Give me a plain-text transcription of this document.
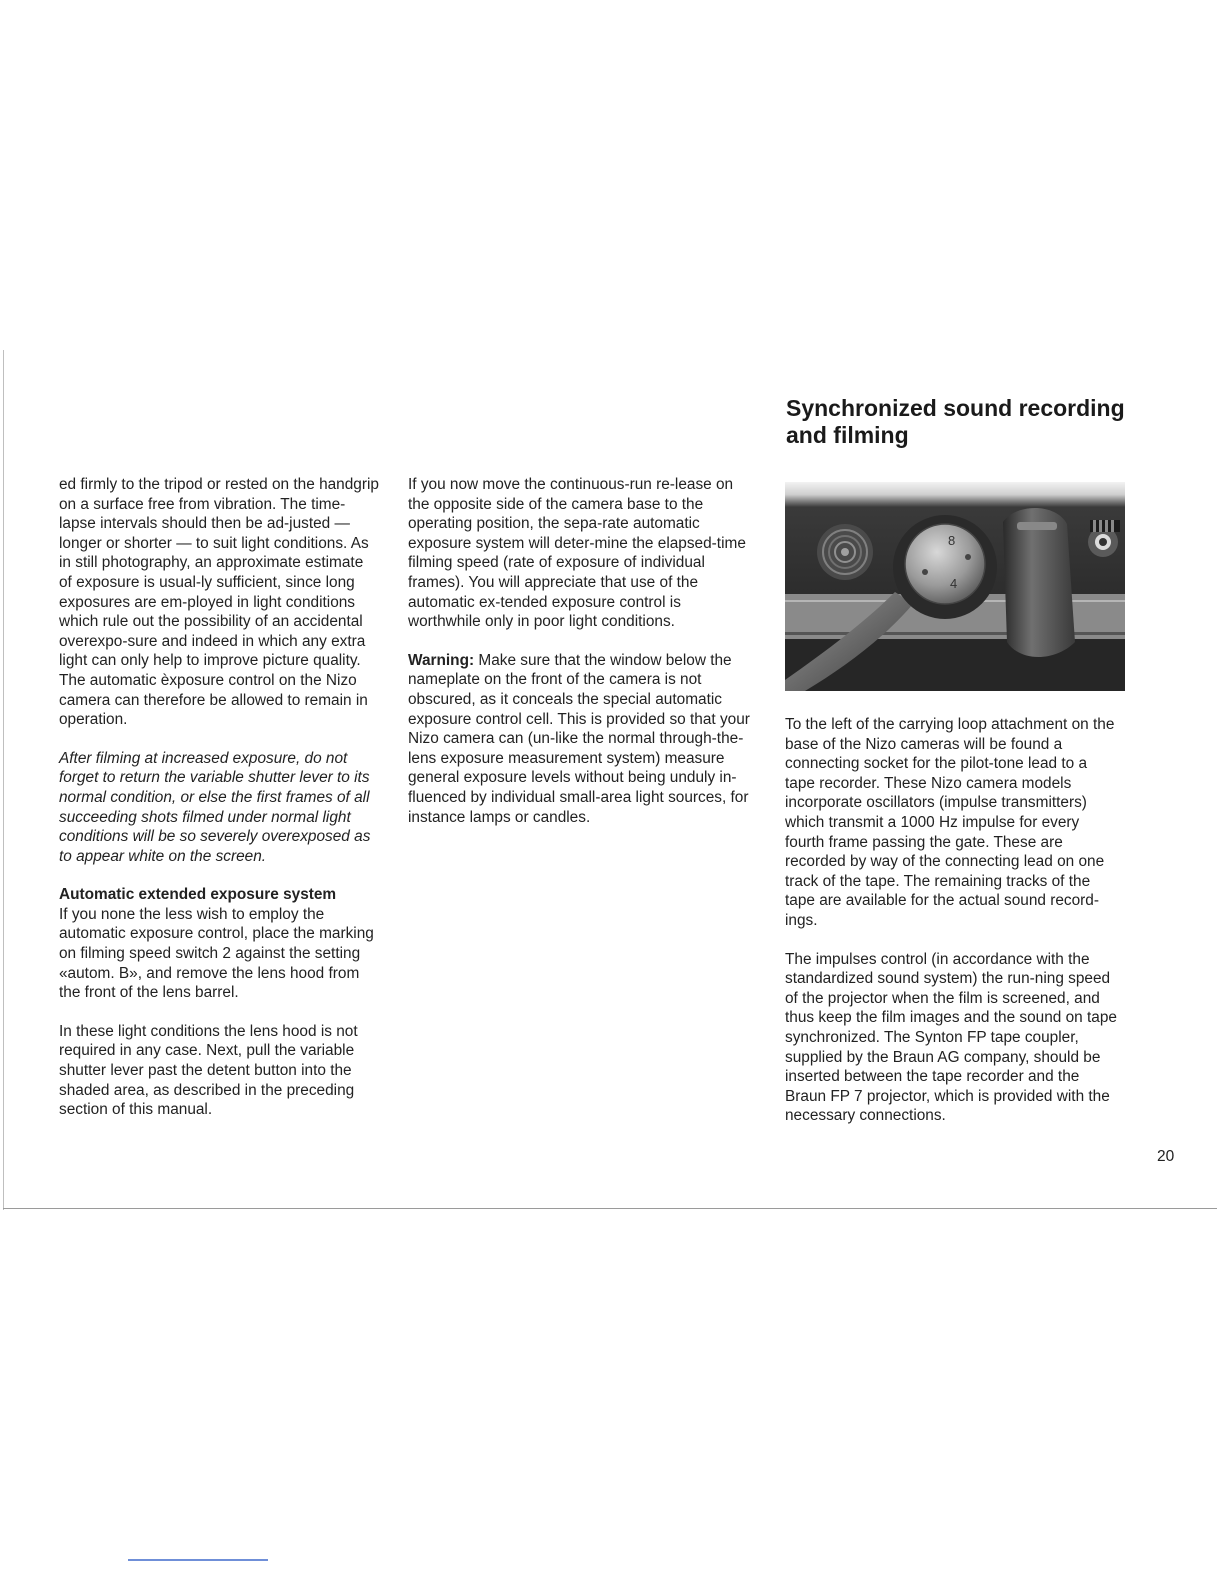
ed firmly to the tripod or rested on the handgrip on a surface free from vibration. The time-lapse intervals should then be ad-justed — longer or shorter — to suit light conditions. As in still photography, an approximate estimate of exposure is usual-ly sufficient, since long exposures are em-ployed in light conditions which rule out the possibility of an accidental overexpo-sure and indeed in which any extra light can only help to improve picture quality. The automatic èxposure control on the Nizo camera can therefore be allowed to remain in operation.

After filming at increased exposure, do not forget to return the variable shutter lever to its normal condition, or else the first frames of all succeeding shots filmed under normal light conditions will be so severely overexposed as to appear white on the screen.

Automatic extended exposure system

If you none the less wish to employ the automatic exposure control, place the marking on filming speed switch 2 against the setting «autom. B», and remove the lens hood from the front of the lens barrel.

In these light conditions the lens hood is not required in any case. Next, pull the variable shutter lever past the detent button into the shaded area, as described in the preceding section of this manual.

If you now move the continuous-run re-lease on the opposite side of the camera base to the operating position, the sepa-rate automatic exposure system will deter-mine the elapsed-time filming speed (rate of exposure of individual frames). You will appreciate that use of the automatic ex-tended exposure control is worthwhile only in poor light conditions.

Warning: Make sure that the window below the nameplate on the front of the camera is not obscured, as it conceals the special automatic exposure control cell. This is provided so that your Nizo camera can (un-like the normal through-the-lens exposure measurement system) measure general exposure levels without being unduly in-fluenced by individual small-area light sources, for instance lamps or candles.

Synchronized sound recording
and filming
8
4

To the left of the carrying loop attachment on the base of the Nizo cameras will be found a connecting socket for the pilot-tone lead to a tape recorder. These Nizo camera models incorporate oscillators (impulse transmitters) which transmit a 1000 Hz impulse for every fourth frame passing the gate. These are recorded by way of the connecting lead on one track of the tape. The remaining tracks of the tape are available for the actual sound record-ings.

The impulses control (in accordance with the standardized sound system) the run-ning speed of the projector when the film is screened, and thus keep the film images and the sound on tape synchronized. The Synton FP tape coupler, supplied by the Braun AG company, should be inserted between the tape recorder and the Braun FP 7 projector, which is provided with the necessary connections.

20
